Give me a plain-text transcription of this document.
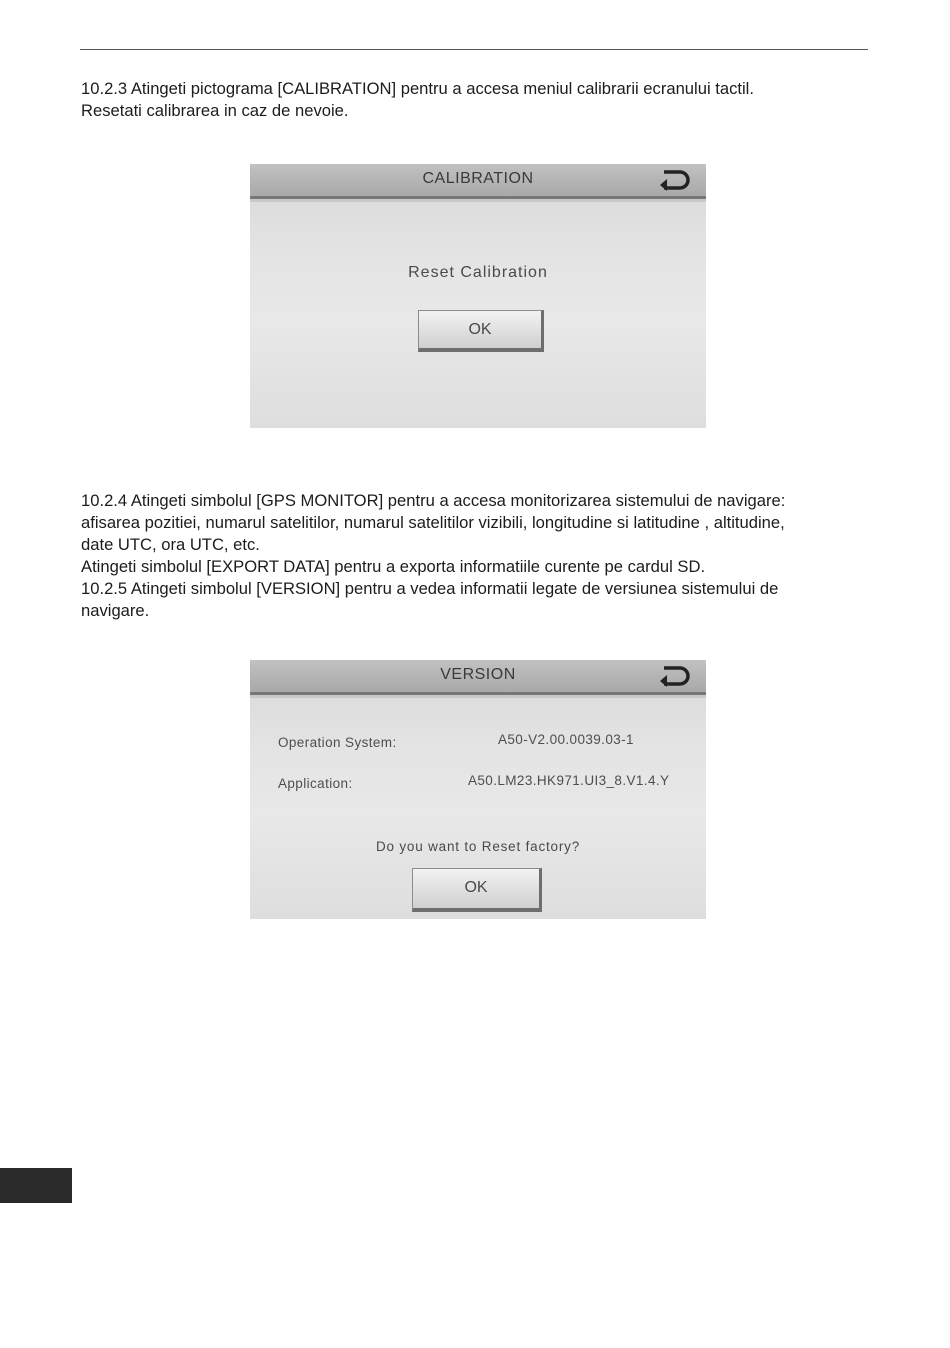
10.2.3 Atingeti pictograma [CALIBRATION] pentru a accesa meniul calibrarii ecranului tactil.

Resetati calibrarea in caz de nevoie.

CALIBRATION
Reset Calibration
OK

10.2.4 Atingeti simbolul [GPS MONITOR] pentru a accesa monitorizarea sistemului de navigare:

afisarea pozitiei, numarul satelitilor, numarul satelitilor vizibili, longitudine si latitudine , altitudine,

date UTC, ora UTC, etc.

Atingeti simbolul [EXPORT DATA] pentru a exporta informatiile curente pe cardul SD.

10.2.5 Atingeti simbolul [VERSION] pentru a vedea informatii legate de versiunea sistemului de

navigare.

VERSION
Operation System:	A50-V2.00.0039.03-1
Application:	A50.LM23.HK971.UI3_8.V1.4.Y
Do you want to Reset factory?
OK
